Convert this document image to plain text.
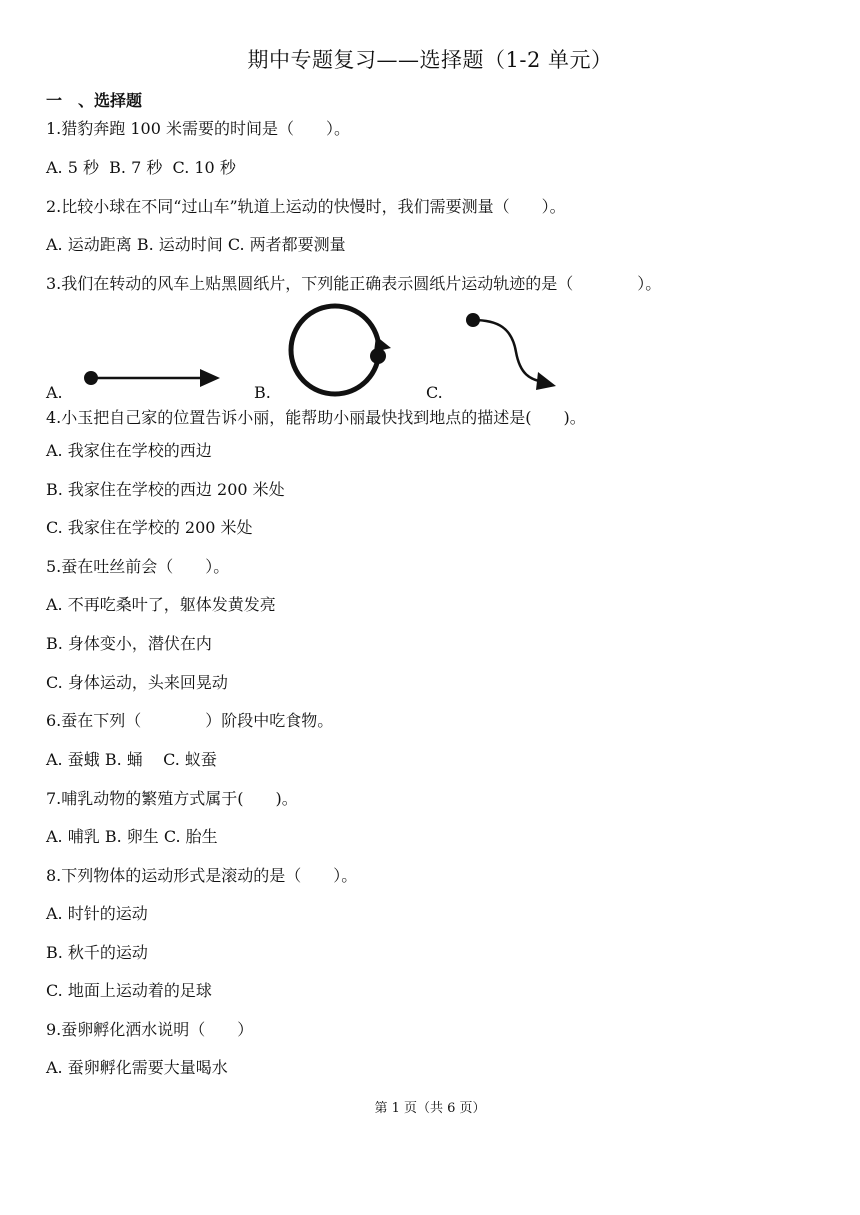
期中专题复习——选择题（1-2 单元）
一　、选择题
1.猎豹奔跑 100 米需要的时间是（　　）。
A. 5 秒  B. 7 秒  C. 10 秒
2.比较小球在不同“过山车”轨道上运动的快慢时，我们需要测量（　　）。
A. 运动距离 B. 运动时间 C. 两者都要测量
3.我们在转动的风车上贴黑圆纸片，下列能正确表示圆纸片运动轨迹的是（　　　　）。
A.	B.	C.
4.小玉把自己家的位置告诉小丽，能帮助小丽最快找到地点的描述是(　　)。
A. 我家住在学校的西边
B. 我家住在学校的西边 200 米处
C. 我家住在学校的 200 米处
5.蚕在吐丝前会（　　）。
A. 不再吃桑叶了，躯体发黄发亮
B. 身体变小，潜伏在内
C. 身体运动，头来回晃动
6.蚕在下列（　　　　）阶段中吃食物。
A. 蚕蛾 B. 蛹    C. 蚁蚕
7.哺乳动物的繁殖方式属于(　　)。
A. 哺乳 B. 卵生 C. 胎生
8.下列物体的运动形式是滚动的是（　　）。
A. 时针的运动
B. 秋千的运动
C. 地面上运动着的足球
9.蚕卵孵化洒水说明（　　）
A. 蚕卵孵化需要大量喝水
第 1 页（共 6 页）
